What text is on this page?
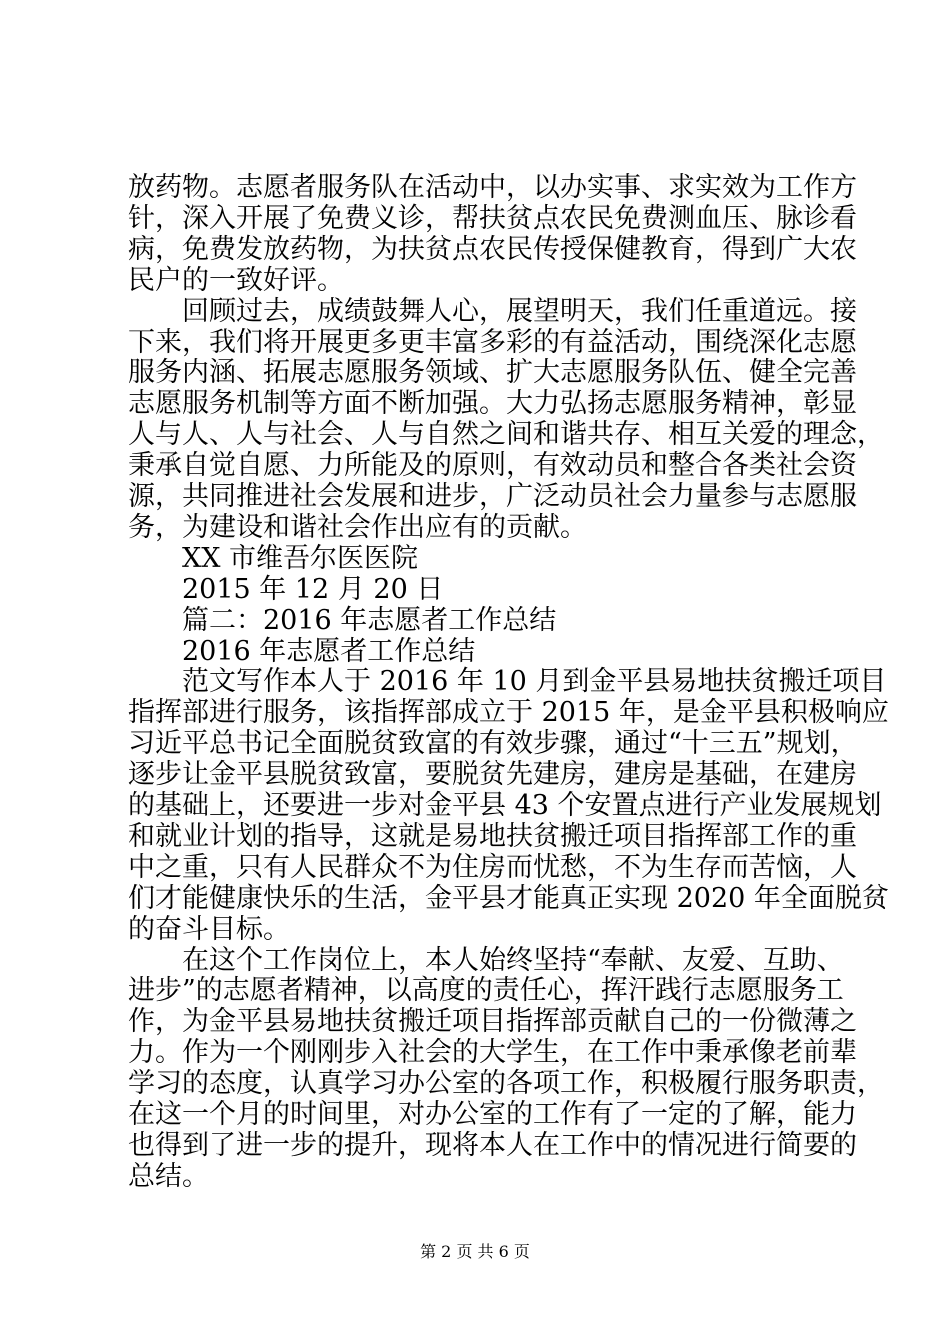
放药物。志愿者服务队在活动中，以办实事、求实效为工作方
针，深入开展了免费义诊，帮扶贫点农民免费测血压、脉诊看
病，免费发放药物，为扶贫点农民传授保健教育，得到广大农
民户的一致好评。
回顾过去，成绩鼓舞人心，展望明天，我们任重道远。接
下来，我们将开展更多更丰富多彩的有益活动，围绕深化志愿
服务内涵、拓展志愿服务领域、扩大志愿服务队伍、健全完善
志愿服务机制等方面不断加强。大力弘扬志愿服务精神，彰显
人与人、人与社会、人与自然之间和谐共存、相互关爱的理念，
秉承自觉自愿、力所能及的原则，有效动员和整合各类社会资
源，共同推进社会发展和进步，广泛动员社会力量参与志愿服
务，为建设和谐社会作出应有的贡献。
XX 市维吾尔医医院
2015 年 12 月 20 日
篇二：2016 年志愿者工作总结
2016 年志愿者工作总结
范文写作本人于 2016 年 10 月到金平县易地扶贫搬迁项目
指挥部进行服务，该指挥部成立于 2015 年，是金平县积极响应
习近平总书记全面脱贫致富的有效步骤，通过“十三五”规划，
逐步让金平县脱贫致富，要脱贫先建房，建房是基础，在建房
的基础上，还要进一步对金平县 43 个安置点进行产业发展规划
和就业计划的指导，这就是易地扶贫搬迁项目指挥部工作的重
中之重，只有人民群众不为住房而忧愁，不为生存而苦恼，人
们才能健康快乐的生活，金平县才能真正实现 2020 年全面脱贫
的奋斗目标。
在这个工作岗位上，本人始终坚持“奉献、友爱、互助、
进步”的志愿者精神，以高度的责任心，挥汗践行志愿服务工
作，为金平县易地扶贫搬迁项目指挥部贡献自己的一份微薄之
力。作为一个刚刚步入社会的大学生，在工作中秉承像老前辈
学习的态度，认真学习办公室的各项工作，积极履行服务职责，
在这一个月的时间里，对办公室的工作有了一定的了解，能力
也得到了进一步的提升，现将本人在工作中的情况进行简要的
总结。
第 2 页 共 6 页
